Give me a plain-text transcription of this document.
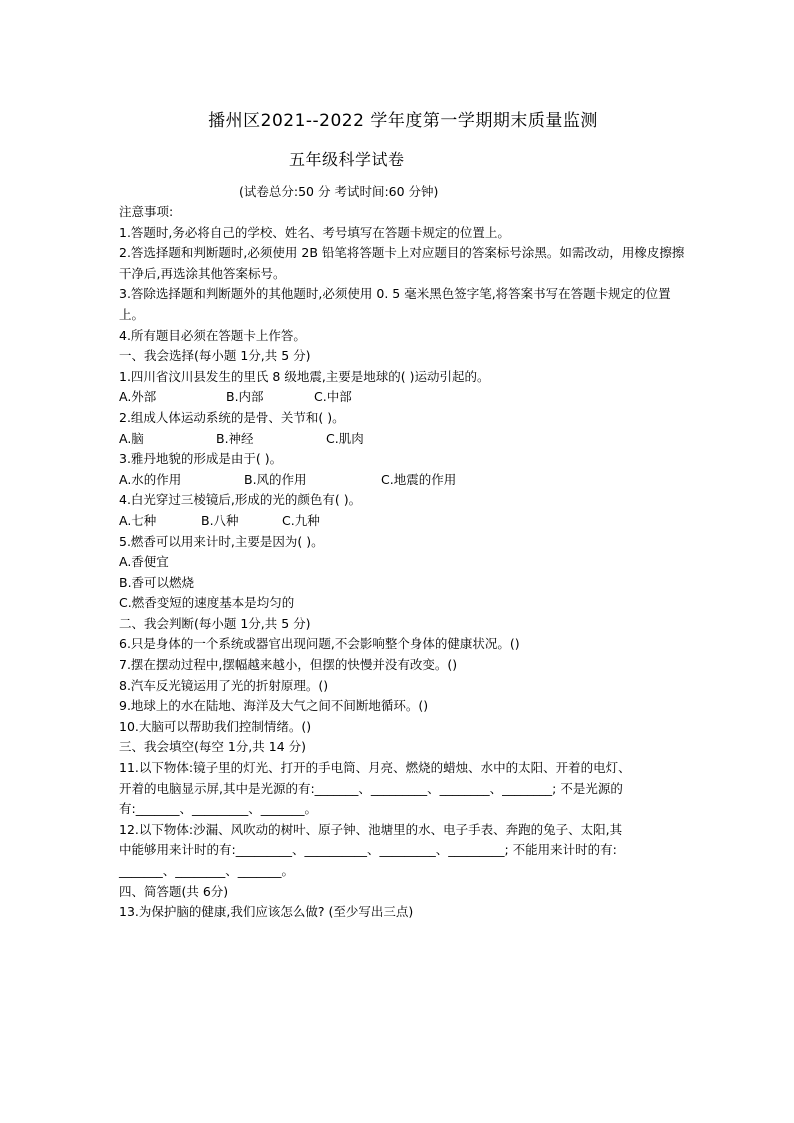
播州区2021--2022 学年度第一学期期末质量监测
五年级科学试卷
(试卷总分:50 分 考试时间:60 分钟)
注意事项:
1.答题时,务必将自己的学校、姓名、考号填写在答题卡规定的位置上。
2.答选择题和判断题时,必须使用 2B 铅笔将答题卡上对应题目的答案标号涂黑。如需改动，用橡皮擦擦干净后,再选涂其他答案标号。
3.答除选择题和判断题外的其他题时,必须使用 0. 5 毫米黑色签字笔,将答案书写在答题卡规定的位置上。
4.所有题目必须在答题卡上作答。
一、我会选择(每小题 1分,共 5 分)
1.四川省汶川县发生的里氏 8 级地震,主要是地球的( )运动引起的。
A.外部	B.内部	C.中部
2.组成人体运动系统的是骨、关节和( )。
A.脑	B.神经	C.肌肉
3.雅丹地貌的形成是由于( )。
A.水的作用	B.风的作用	C.地震的作用
4.白光穿过三棱镜后,形成的光的颜色有( )。
A.七种	B.八种	C.九种
5.燃香可以用来计时,主要是因为( )。
A.香便宜
B.香可以燃烧
C.燃香变短的速度基本是均匀的
二、我会判断(每小题 1分,共 5 分)
6.只是身体的一个系统或器官出现问题,不会影响整个身体的健康状况。()
7.摆在摆动过程中,摆幅越来越小，但摆的快慢并没有改变。()
8.汽车反光镜运用了光的折射原理。()
9.地球上的水在陆地、海洋及大气之间不间断地循环。()
10.大脑可以帮助我们控制情绪。()
三、我会填空(每空 1分,共 14 分)
11.以下物体:镜子里的灯光、打开的手电筒、月亮、燃烧的蜡烛、水中的太阳、开着的电灯、
开着的电脑显示屏,其中是光源的有:_______、_________、________、________; 不是光源的
有:_______、_________、_______。
12.以下物体:沙漏、风吹动的树叶、原子钟、池塘里的水、电子手表、奔跑的兔子、太阳,其
中能够用来计时的有:_________、__________、_________、_________; 不能用来计时的有:
_______、________、_______。
四、简答题(共 6分)
13.为保护脑的健康,我们应该怎么做? (至少写出三点)
